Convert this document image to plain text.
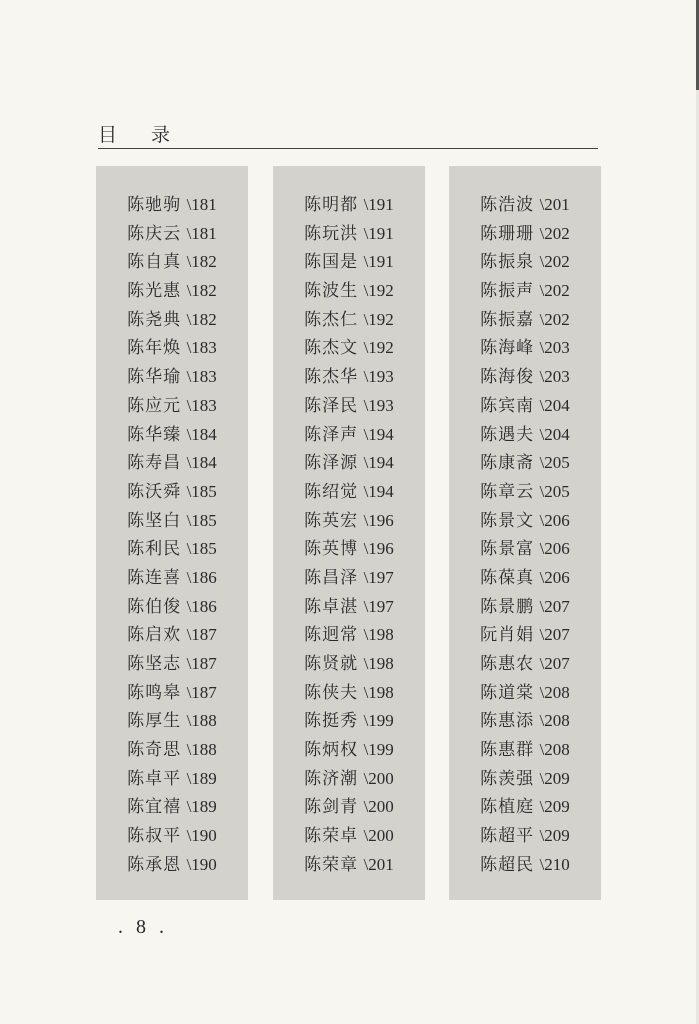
目 录
陈驰驹 \181
陈庆云 \181
陈自真 \182
陈光惠 \182
陈尧典 \182
陈年焕 \183
陈华瑜 \183
陈应元 \183
陈华臻 \184
陈寿昌 \184
陈沃舜 \185
陈坚白 \185
陈利民 \185
陈连喜 \186
陈伯俊 \186
陈启欢 \187
陈坚志 \187
陈鸣皋 \187
陈厚生 \188
陈奇思 \188
陈卓平 \189
陈宜禧 \189
陈叔平 \190
陈承恩 \190
陈明都 \191
陈玩洪 \191
陈国是 \191
陈波生 \192
陈杰仁 \192
陈杰文 \192
陈杰华 \193
陈泽民 \193
陈泽声 \194
陈泽源 \194
陈绍觉 \194
陈英宏 \196
陈英博 \196
陈昌泽 \197
陈卓湛 \197
陈迥常 \198
陈贤就 \198
陈侠夫 \198
陈挺秀 \199
陈炳权 \199
陈济潮 \200
陈剑青 \200
陈荣卓 \200
陈荣章 \201
陈浩波 \201
陈珊珊 \202
陈振泉 \202
陈振声 \202
陈振嘉 \202
陈海峰 \203
陈海俊 \203
陈宾南 \204
陈遇夫 \204
陈康斋 \205
陈章云 \205
陈景文 \206
陈景富 \206
陈葆真 \206
陈景鹏 \207
阮肖娟 \207
陈惠农 \207
陈道棠 \208
陈惠添 \208
陈惠群 \208
陈羡强 \209
陈植庭 \209
陈超平 \209
陈超民 \210
. 8 .
